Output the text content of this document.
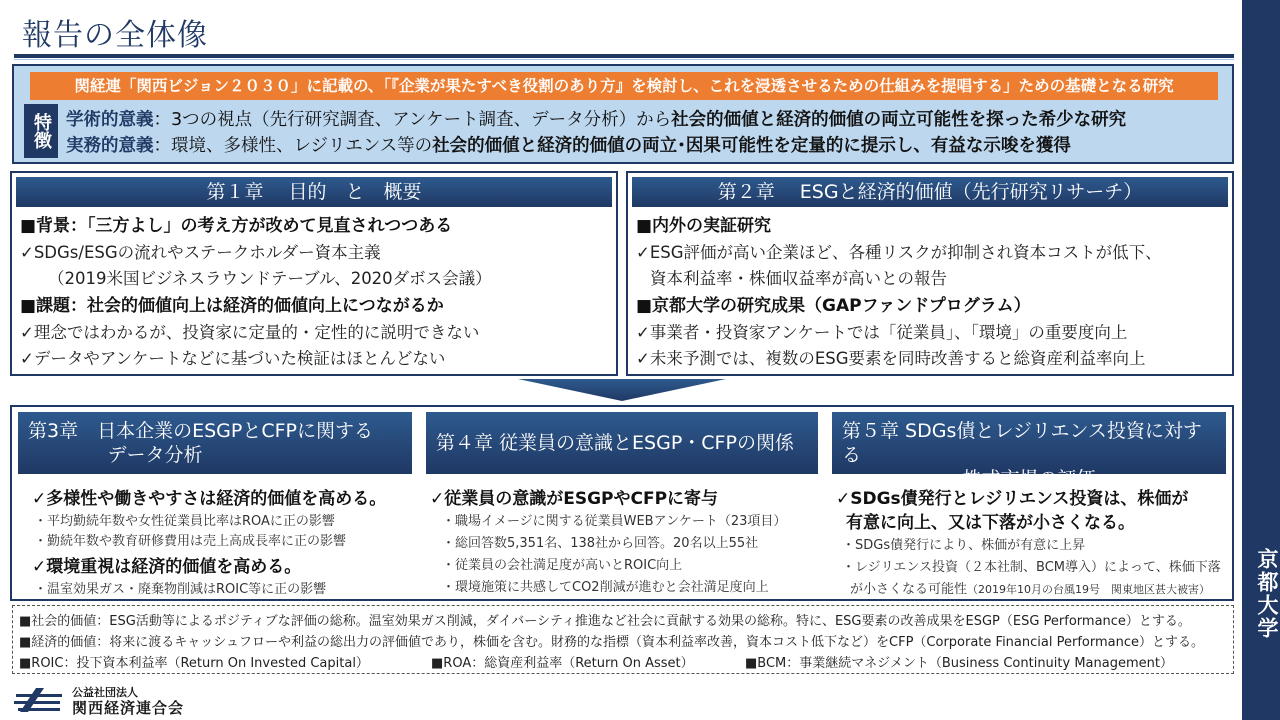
京都大学
報告の全体像
関経連「関西ビジョン２０３０」に記載の、「『企業が果たすべき役割のあり方』を検討し、これを浸透させるための仕組みを提唱する」ための基礎となる研究
特徴 学術的意義：3つの視点（先行研究調査、アンケート調査、データ分析）から社会的価値と経済的価値の両立可能性を探った希少な研究
実務的意義：環境、多様性、レジリエンス等の社会的価値と経済的価値の両立･因果可能性を定量的に提示し、有益な示唆を獲得
第１章　 目的　と　概要
■背景：「三方よし」の考え方が改めて見直されつつある
✓SDGs/ESGの流れやステークホルダー資本主義
（2019米国ビジネスラウンドテーブル、2020ダボス会議）
■課題：社会的価値向上は経済的価値向上につながるか
✓理念ではわかるが、投資家に定量的・定性的に説明できない
✓データやアンケートなどに基づいた検証はほとんどない
第２章　 ESGと経済的価値（先行研究リサーチ）
■内外の実証研究
✓ESG評価が高い企業ほど、各種リスクが抑制され資本コストが低下、
資本利益率・株価収益率が高いとの報告
■京都大学の研究成果（GAPファンドプログラム）
✓事業者・投資家アンケートでは「従業員」、「環境」の重要度向上
✓未来予測では、複数のESG要素を同時改善すると総資産利益率向上
第3章　日本企業のESGPとCFPに関する
データ分析
✓多様性や働きやすさは経済的価値を高める。
・平均勤続年数や女性従業員比率はROAに正の影響
・勤続年数や教育研修費用は売上高成長率に正の影響
✓環境重視は経済的価値を高める。
・温室効果ガス・廃棄物削減はROIC等に正の影響
第４章 従業員の意識とESGP・CFPの関係
✓従業員の意識がESGPやCFPに寄与
・職場イメージに関する従業員WEBアンケート（23項目）
・総回答数5,351名、138社から回答。20名以上55社
・従業員の会社満足度が高いとROIC向上
・環境施策に共感してCO2削減が進むと会社満足度向上
第５章 SDGs債とレジリエンス投資に対する
株式市場の評価
✓SDGs債発行とレジリエンス投資は、株価が
有意に向上、又は下落が小さくなる。
・SDGs債発行により、株価が有意に上昇
・レジリエンス投資（２本社制、BCM導入）によって、株価下落
が小さくなる可能性（2019年10月の台風19号　関東地区甚大被害）
■社会的価値：ESG活動等によるポジティブな評価の総称。温室効果ガス削減，ダイバーシティ推進など社会に貢献する効果の総称。特に、ESG要素の改善成果をESGP（ESG Performance）とする。
■経済的価値：将来に渡るキャッシュフローや利益の総出力の評価値であり，株価を含む。財務的な指標（資本利益率改善，資本コスト低下など）をCFP（Corporate Financial Performance）とする。
■ROIC：投下資本利益率（Return On Invested Capital）	■ROA：総資産利益率（Return On Asset）	■BCM：事業継続マネジメント（Business Continuity Management）
公益社団法人
関西経済連合会
